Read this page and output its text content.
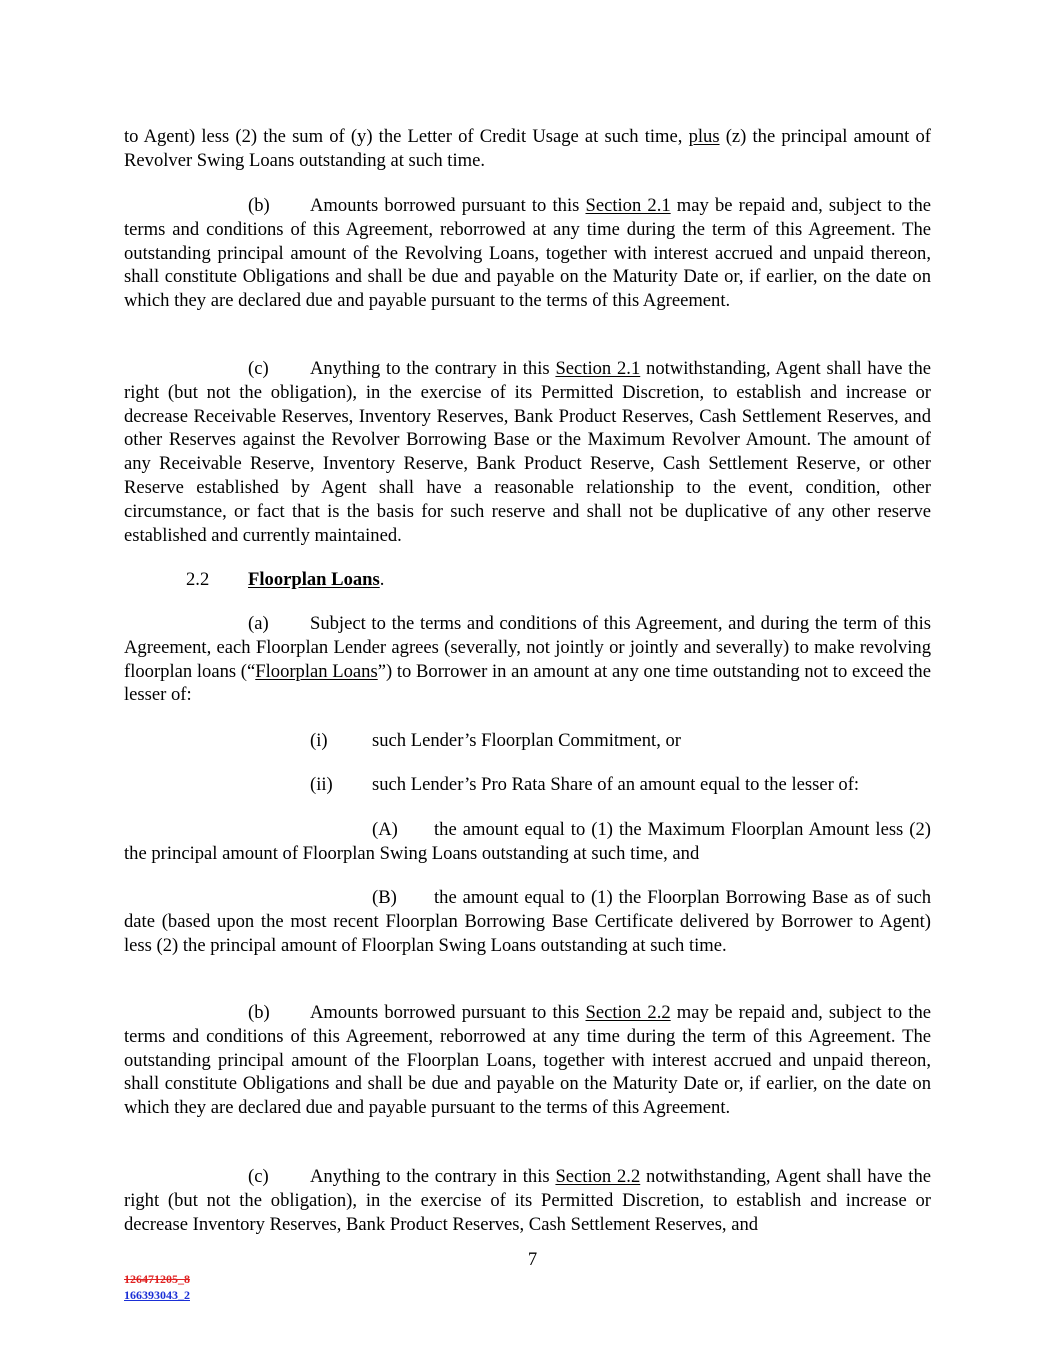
to Agent) less (2) the sum of (y) the Letter of Credit Usage at such time, plus (z) the principal amount of Revolver Swing Loans outstanding at such time.

(b) Amounts borrowed pursuant to this Section 2.1 may be repaid and, subject to the terms and conditions of this Agreement, reborrowed at any time during the term of this Agreement. The outstanding principal amount of the Revolving Loans, together with interest accrued and unpaid thereon, shall constitute Obligations and shall be due and payable on the Maturity Date or, if earlier, on the date on which they are declared due and payable pursuant to the terms of this Agreement.

(c) Anything to the contrary in this Section 2.1 notwithstanding, Agent shall have the right (but not the obligation), in the exercise of its Permitted Discretion, to establish and increase or decrease Receivable Reserves, Inventory Reserves, Bank Product Reserves, Cash Settlement Reserves, and other Reserves against the Revolver Borrowing Base or the Maximum Revolver Amount. The amount of any Receivable Reserve, Inventory Reserve, Bank Product Reserve, Cash Settlement Reserve, or other Reserve established by Agent shall have a reasonable relationship to the event, condition, other circumstance, or fact that is the basis for such reserve and shall not be duplicative of any other reserve established and currently maintained.

2.2 Floorplan Loans.

(a) Subject to the terms and conditions of this Agreement, and during the term of this Agreement, each Floorplan Lender agrees (severally, not jointly or jointly and severally) to make revolving floorplan loans (“Floorplan Loans”) to Borrower in an amount at any one time outstanding not to exceed the lesser of:

(i) such Lender’s Floorplan Commitment, or

(ii) such Lender’s Pro Rata Share of an amount equal to the lesser of:

(A) the amount equal to (1) the Maximum Floorplan Amount less (2) the principal amount of Floorplan Swing Loans outstanding at such time, and

(B) the amount equal to (1) the Floorplan Borrowing Base as of such date (based upon the most recent Floorplan Borrowing Base Certificate delivered by Borrower to Agent) less (2) the principal amount of Floorplan Swing Loans outstanding at such time.

(b) Amounts borrowed pursuant to this Section 2.2 may be repaid and, subject to the terms and conditions of this Agreement, reborrowed at any time during the term of this Agreement. The outstanding principal amount of the Floorplan Loans, together with interest accrued and unpaid thereon, shall constitute Obligations and shall be due and payable on the Maturity Date or, if earlier, on the date on which they are declared due and payable pursuant to the terms of this Agreement.

(c) Anything to the contrary in this Section 2.2 notwithstanding, Agent shall have the right (but not the obligation), in the exercise of its Permitted Discretion, to establish and increase or decrease Inventory Reserves, Bank Product Reserves, Cash Settlement Reserves, and

7
126471205_8
166393043_2
